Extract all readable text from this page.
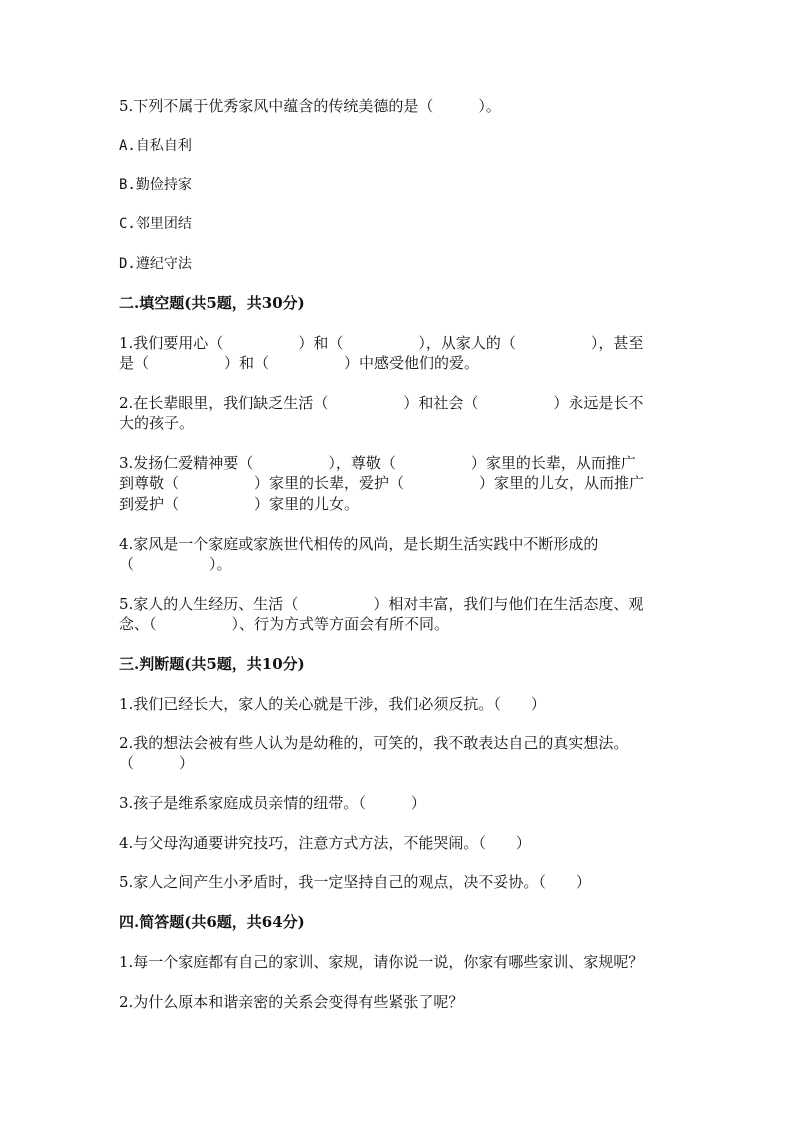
5.下列不属于优秀家风中蕴含的传统美德的是（　　　）。
A.自私自利
B.勤俭持家
C.邻里团结
D.遵纪守法
二.填空题(共5题，共30分)
1.我们要用心（　　　　　）和（　　　　　），从家人的（　　　　　），甚至
是（　　　　　）和（　　　　　）中感受他们的爱。
2.在长辈眼里，我们缺乏生活（　　　　　）和社会（　　　　　）永远是长不
大的孩子。
3.发扬仁爱精神要（　　　　　），尊敬（　　　　　）家里的长辈，从而推广
到尊敬（　　　　　）家里的长辈，爱护（　　　　　）家里的儿女，从而推广
到爱护（　　　　　）家里的儿女。
4.家风是一个家庭或家族世代相传的风尚，是长期生活实践中不断形成的
（　　　　　）。
5.家人的人生经历、生活（　　　　　）相对丰富，我们与他们在生活态度、观
念、（　　　　　）、行为方式等方面会有所不同。
三.判断题(共5题，共10分)
1.我们已经长大，家人的关心就是干涉，我们必须反抗。（　　）
2.我的想法会被有些人认为是幼稚的，可笑的，我不敢表达自己的真实想法。
（　　　）
3.孩子是维系家庭成员亲情的纽带。（　　　）
4.与父母沟通要讲究技巧，注意方式方法，不能哭闹。（　　）
5.家人之间产生小矛盾时，我一定坚持自己的观点，决不妥协。（　　）
四.简答题(共6题，共64分)
1.每一个家庭都有自己的家训、家规，请你说一说，你家有哪些家训、家规呢？
2.为什么原本和谐亲密的关系会变得有些紧张了呢？
